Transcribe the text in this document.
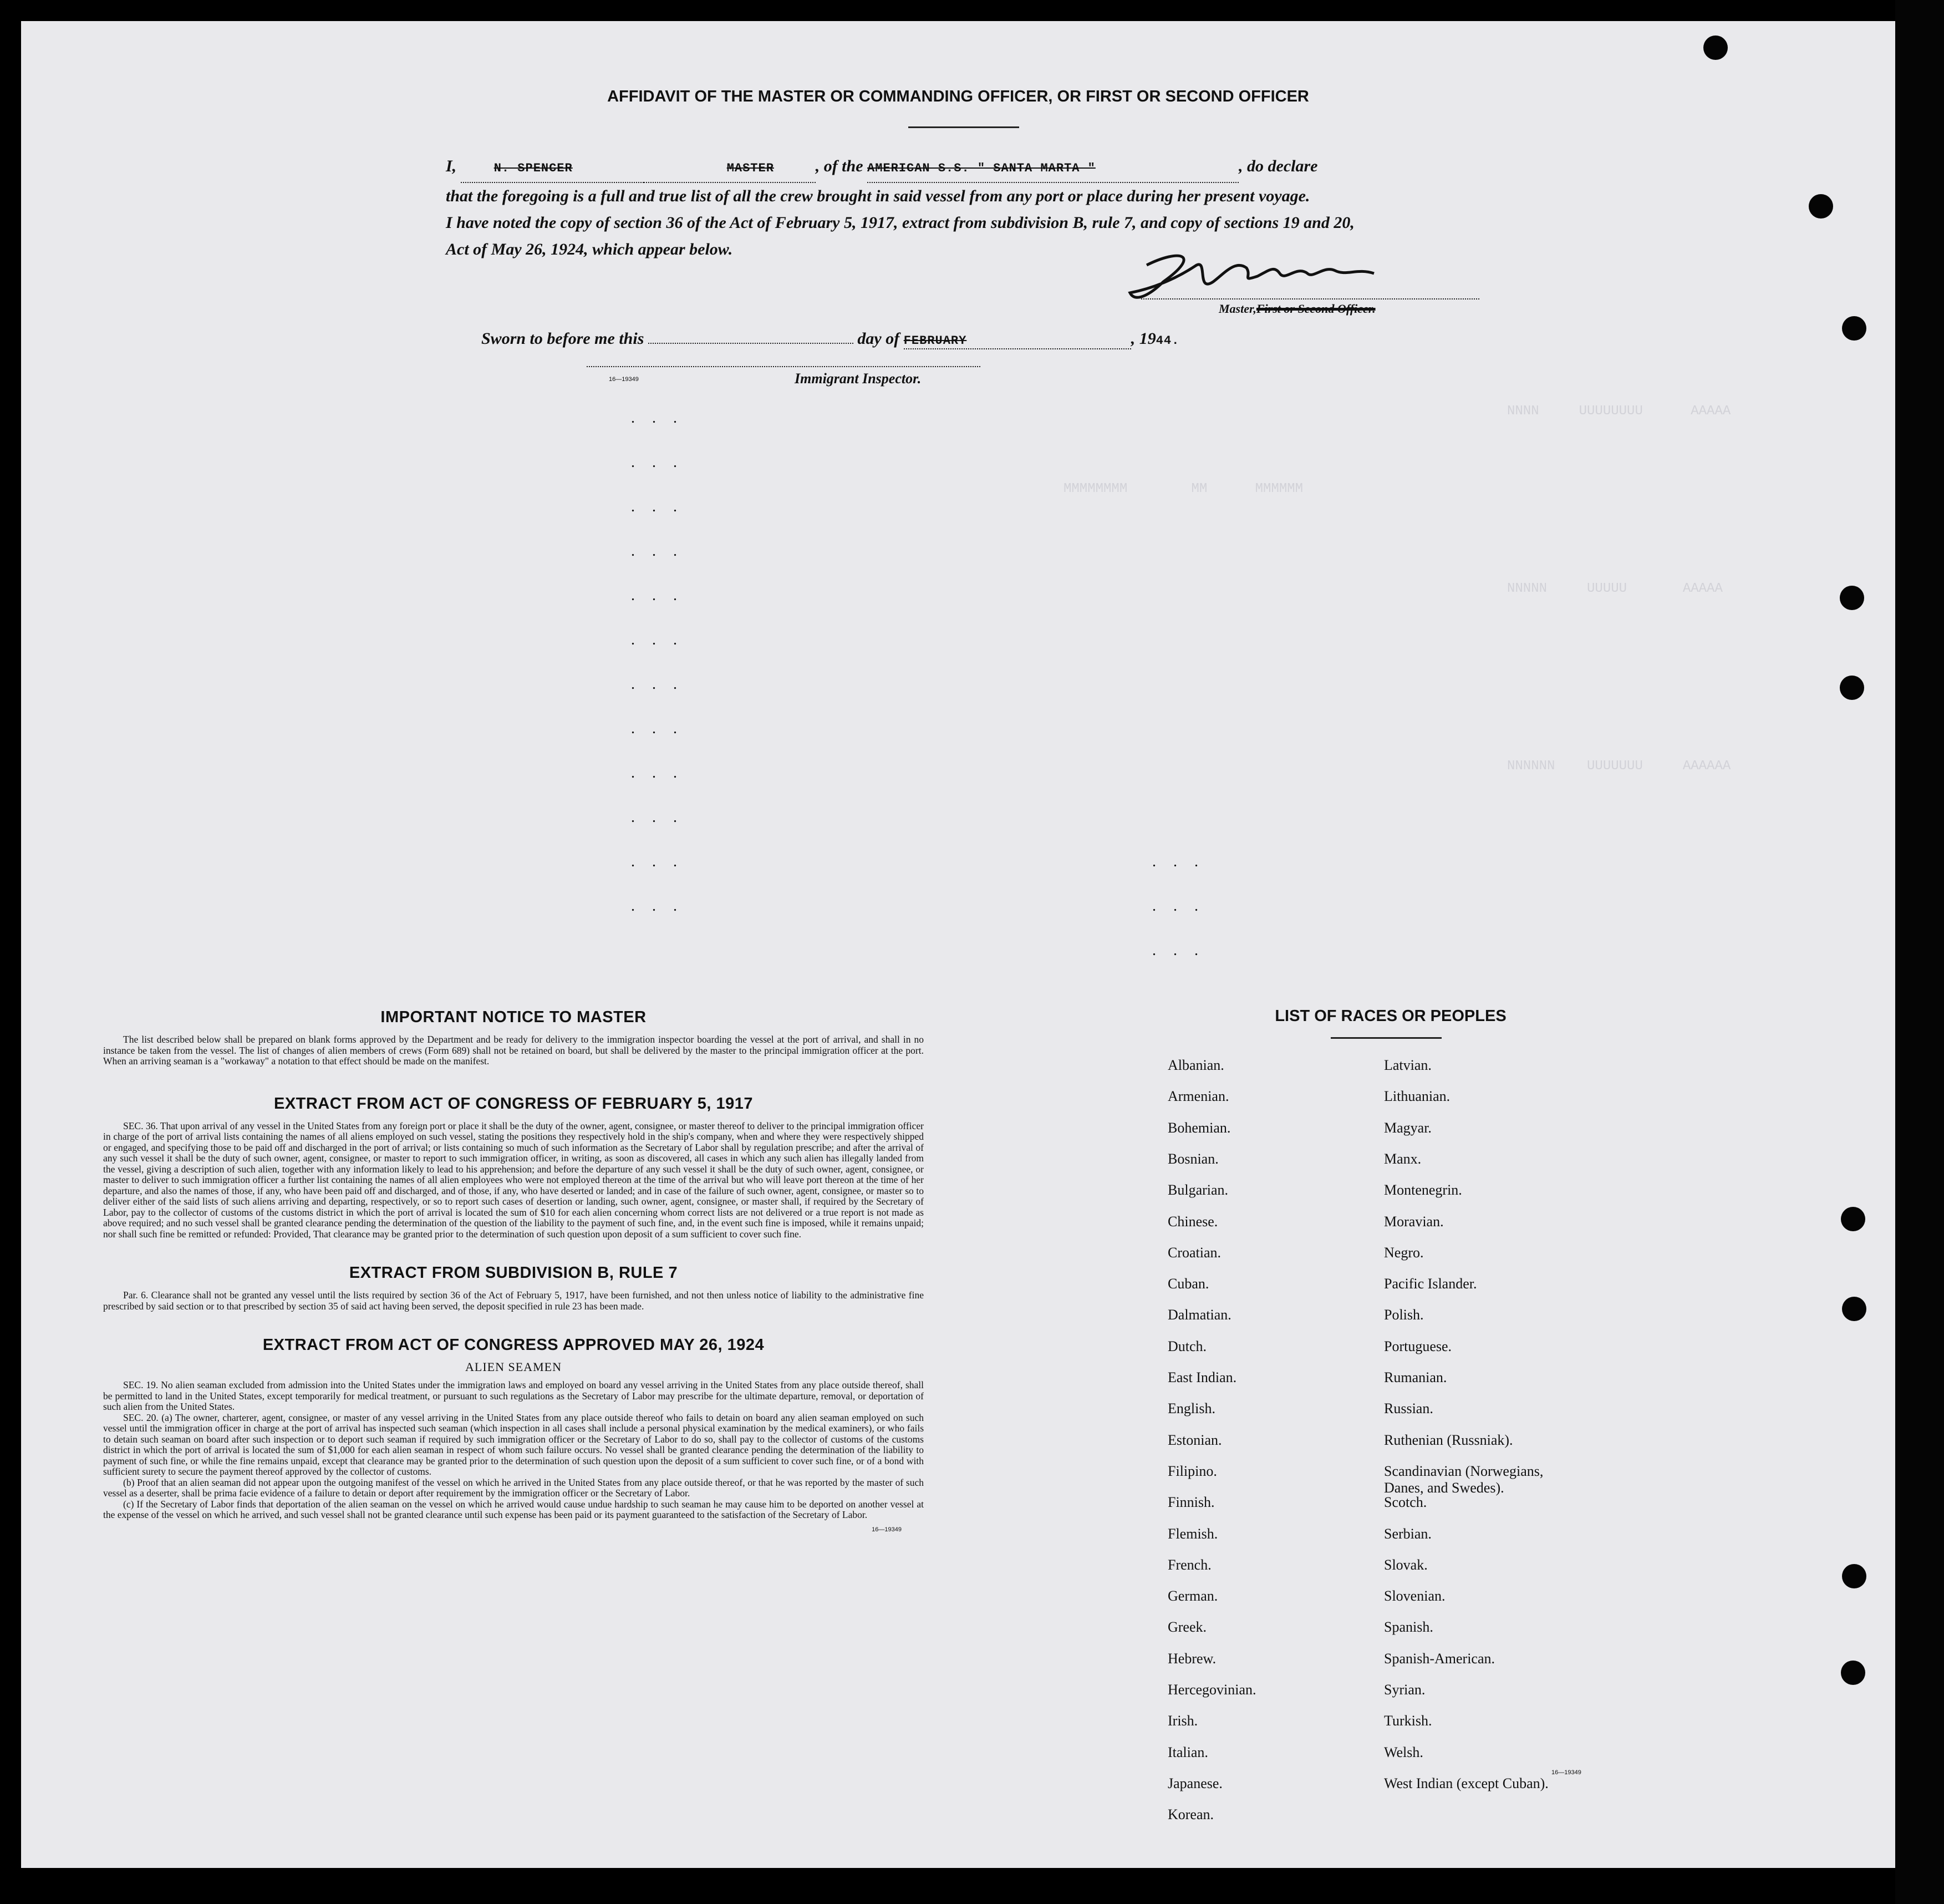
NNNN     UUUUUUUU      AAAAA
NNNNN     UUUUU       AAAAA
NNNNNN    UUUUUUU     AAAAAA
MMMMMMMM        MM      MMMMMM
AFFIDAVIT OF THE MASTER OR COMMANDING OFFICER, OR FIRST OR SECOND OFFICER
I,	N. SPENCER	MASTER , of the AMERICAN S.S. " SANTA MARTA "	, do declare
that the foregoing is a full and true list of all the crew brought in said vessel from any port or place during her present voyage.
I have noted the copy of section 36 of the Act of February 5, 1917, extract from subdivision B, rule 7, and copy of sections 19 and 20,
Act of May 26, 1924, which appear below.
Master,First or Second Officer.
Sworn to before me this	day of FEBRUARY	, 1944.
16—19349	Immigrant Inspector.
. . .
. . .
. . .
. . .
. . .
. . .
. . .
. . .
. . .
. . .
. . .
. . .
. . .
. . .
. . .
IMPORTANT NOTICE TO MASTER

The list described below shall be prepared on blank forms approved by the Department and be ready for delivery to the immigration inspector boarding the vessel at the port of arrival, and shall in no instance be taken from the vessel. The list of changes of alien members of crews (Form 689) shall not be retained on board, but shall be delivered by the master to the principal immigration officer at the port. When an arriving seaman is a "workaway" a notation to that effect should be made on the manifest.

EXTRACT FROM ACT OF CONGRESS OF FEBRUARY 5, 1917

SEC. 36. That upon arrival of any vessel in the United States from any foreign port or place it shall be the duty of the owner, agent, consignee, or master thereof to deliver to the principal immigration officer in charge of the port of arrival lists containing the names of all aliens employed on such vessel, stating the positions they respectively hold in the ship's company, when and where they were respectively shipped or engaged, and specifying those to be paid off and discharged in the port of arrival; or lists containing so much of such information as the Secretary of Labor shall by regulation prescribe; and after the arrival of any such vessel it shall be the duty of such owner, agent, consignee, or master to report to such immigration officer, in writing, as soon as discovered, all cases in which any such alien has illegally landed from the vessel, giving a description of such alien, together with any information likely to lead to his apprehension; and before the departure of any such vessel it shall be the duty of such owner, agent, consignee, or master to deliver to such immigration officer a further list containing the names of all alien employees who were not employed thereon at the time of the arrival but who will leave port thereon at the time of her departure, and also the names of those, if any, who have been paid off and discharged, and of those, if any, who have deserted or landed; and in case of the failure of such owner, agent, consignee, or master so to deliver either of the said lists of such aliens arriving and departing, respectively, or so to report such cases of desertion or landing, such owner, agent, consignee, or master shall, if required by the Secretary of Labor, pay to the collector of customs of the customs district in which the port of arrival is located the sum of $10 for each alien concerning whom correct lists are not delivered or a true report is not made as above required; and no such vessel shall be granted clearance pending the determination of the question of the liability to the payment of such fine, and, in the event such fine is imposed, while it remains unpaid; nor shall such fine be remitted or refunded: Provided, That clearance may be granted prior to the determination of such question upon deposit of a sum sufficient to cover such fine.

EXTRACT FROM SUBDIVISION B, RULE 7

Par. 6. Clearance shall not be granted any vessel until the lists required by section 36 of the Act of February 5, 1917, have been furnished, and not then unless notice of liability to the administrative fine prescribed by said section or to that prescribed by section 35 of said act having been served, the deposit specified in rule 23 has been made.

EXTRACT FROM ACT OF CONGRESS APPROVED MAY 26, 1924
ALIEN SEAMEN

SEC. 19. No alien seaman excluded from admission into the United States under the immigration laws and employed on board any vessel arriving in the United States from any place outside thereof, shall be permitted to land in the United States, except temporarily for medical treatment, or pursuant to such regulations as the Secretary of Labor may prescribe for the ultimate departure, removal, or deportation of such alien from the United States.

SEC. 20. (a) The owner, charterer, agent, consignee, or master of any vessel arriving in the United States from any place outside thereof who fails to detain on board any alien seaman employed on such vessel until the immigration officer in charge at the port of arrival has inspected such seaman (which inspection in all cases shall include a personal physical examination by the medical examiners), or who fails to detain such seaman on board after such inspection or to deport such seaman if required by such immigration officer or the Secretary of Labor to do so, shall pay to the collector of customs of the customs district in which the port of arrival is located the sum of $1,000 for each alien seaman in respect of whom such failure occurs. No vessel shall be granted clearance pending the determination of the liability to payment of such fine, or while the fine remains unpaid, except that clearance may be granted prior to the determination of such question upon the deposit of a sum sufficient to cover such fine, or of a bond with sufficient surety to secure the payment thereof approved by the collector of customs.

(b) Proof that an alien seaman did not appear upon the outgoing manifest of the vessel on which he arrived in the United States from any place outside thereof, or that he was reported by the master of such vessel as a deserter, shall be prima facie evidence of a failure to detain or deport after requirement by the immigration officer or the Secretary of Labor.

(c) If the Secretary of Labor finds that deportation of the alien seaman on the vessel on which he arrived would cause undue hardship to such seaman he may cause him to be deported on another vessel at the expense of the vessel on which he arrived, and such vessel shall not be granted clearance until such expense has been paid or its payment guaranteed to the satisfaction of the Secretary of Labor.

16—19349
LIST OF RACES OR PEOPLES
Albanian.
Armenian.
Bohemian.
Bosnian.
Bulgarian.
Chinese.
Croatian.
Cuban.
Dalmatian.
Dutch.
East Indian.
English.
Estonian.
Filipino.
Finnish.
Flemish.
French.
German.
Greek.
Hebrew.
Hercegovinian.
Irish.
Italian.
Japanese.
Korean.
Latvian.
Lithuanian.
Magyar.
Manx.
Montenegrin.
Moravian.
Negro.
Pacific Islander.
Polish.
Portuguese.
Rumanian.
Russian.
Ruthenian (Russniak).
Scandinavian (Norwegians,
Danes, and Swedes).
Scotch.
Serbian.
Slovak.
Slovenian.
Spanish.
Spanish-American.
Syrian.
Turkish.
Welsh.
West Indian (except Cuban).
16—19349
